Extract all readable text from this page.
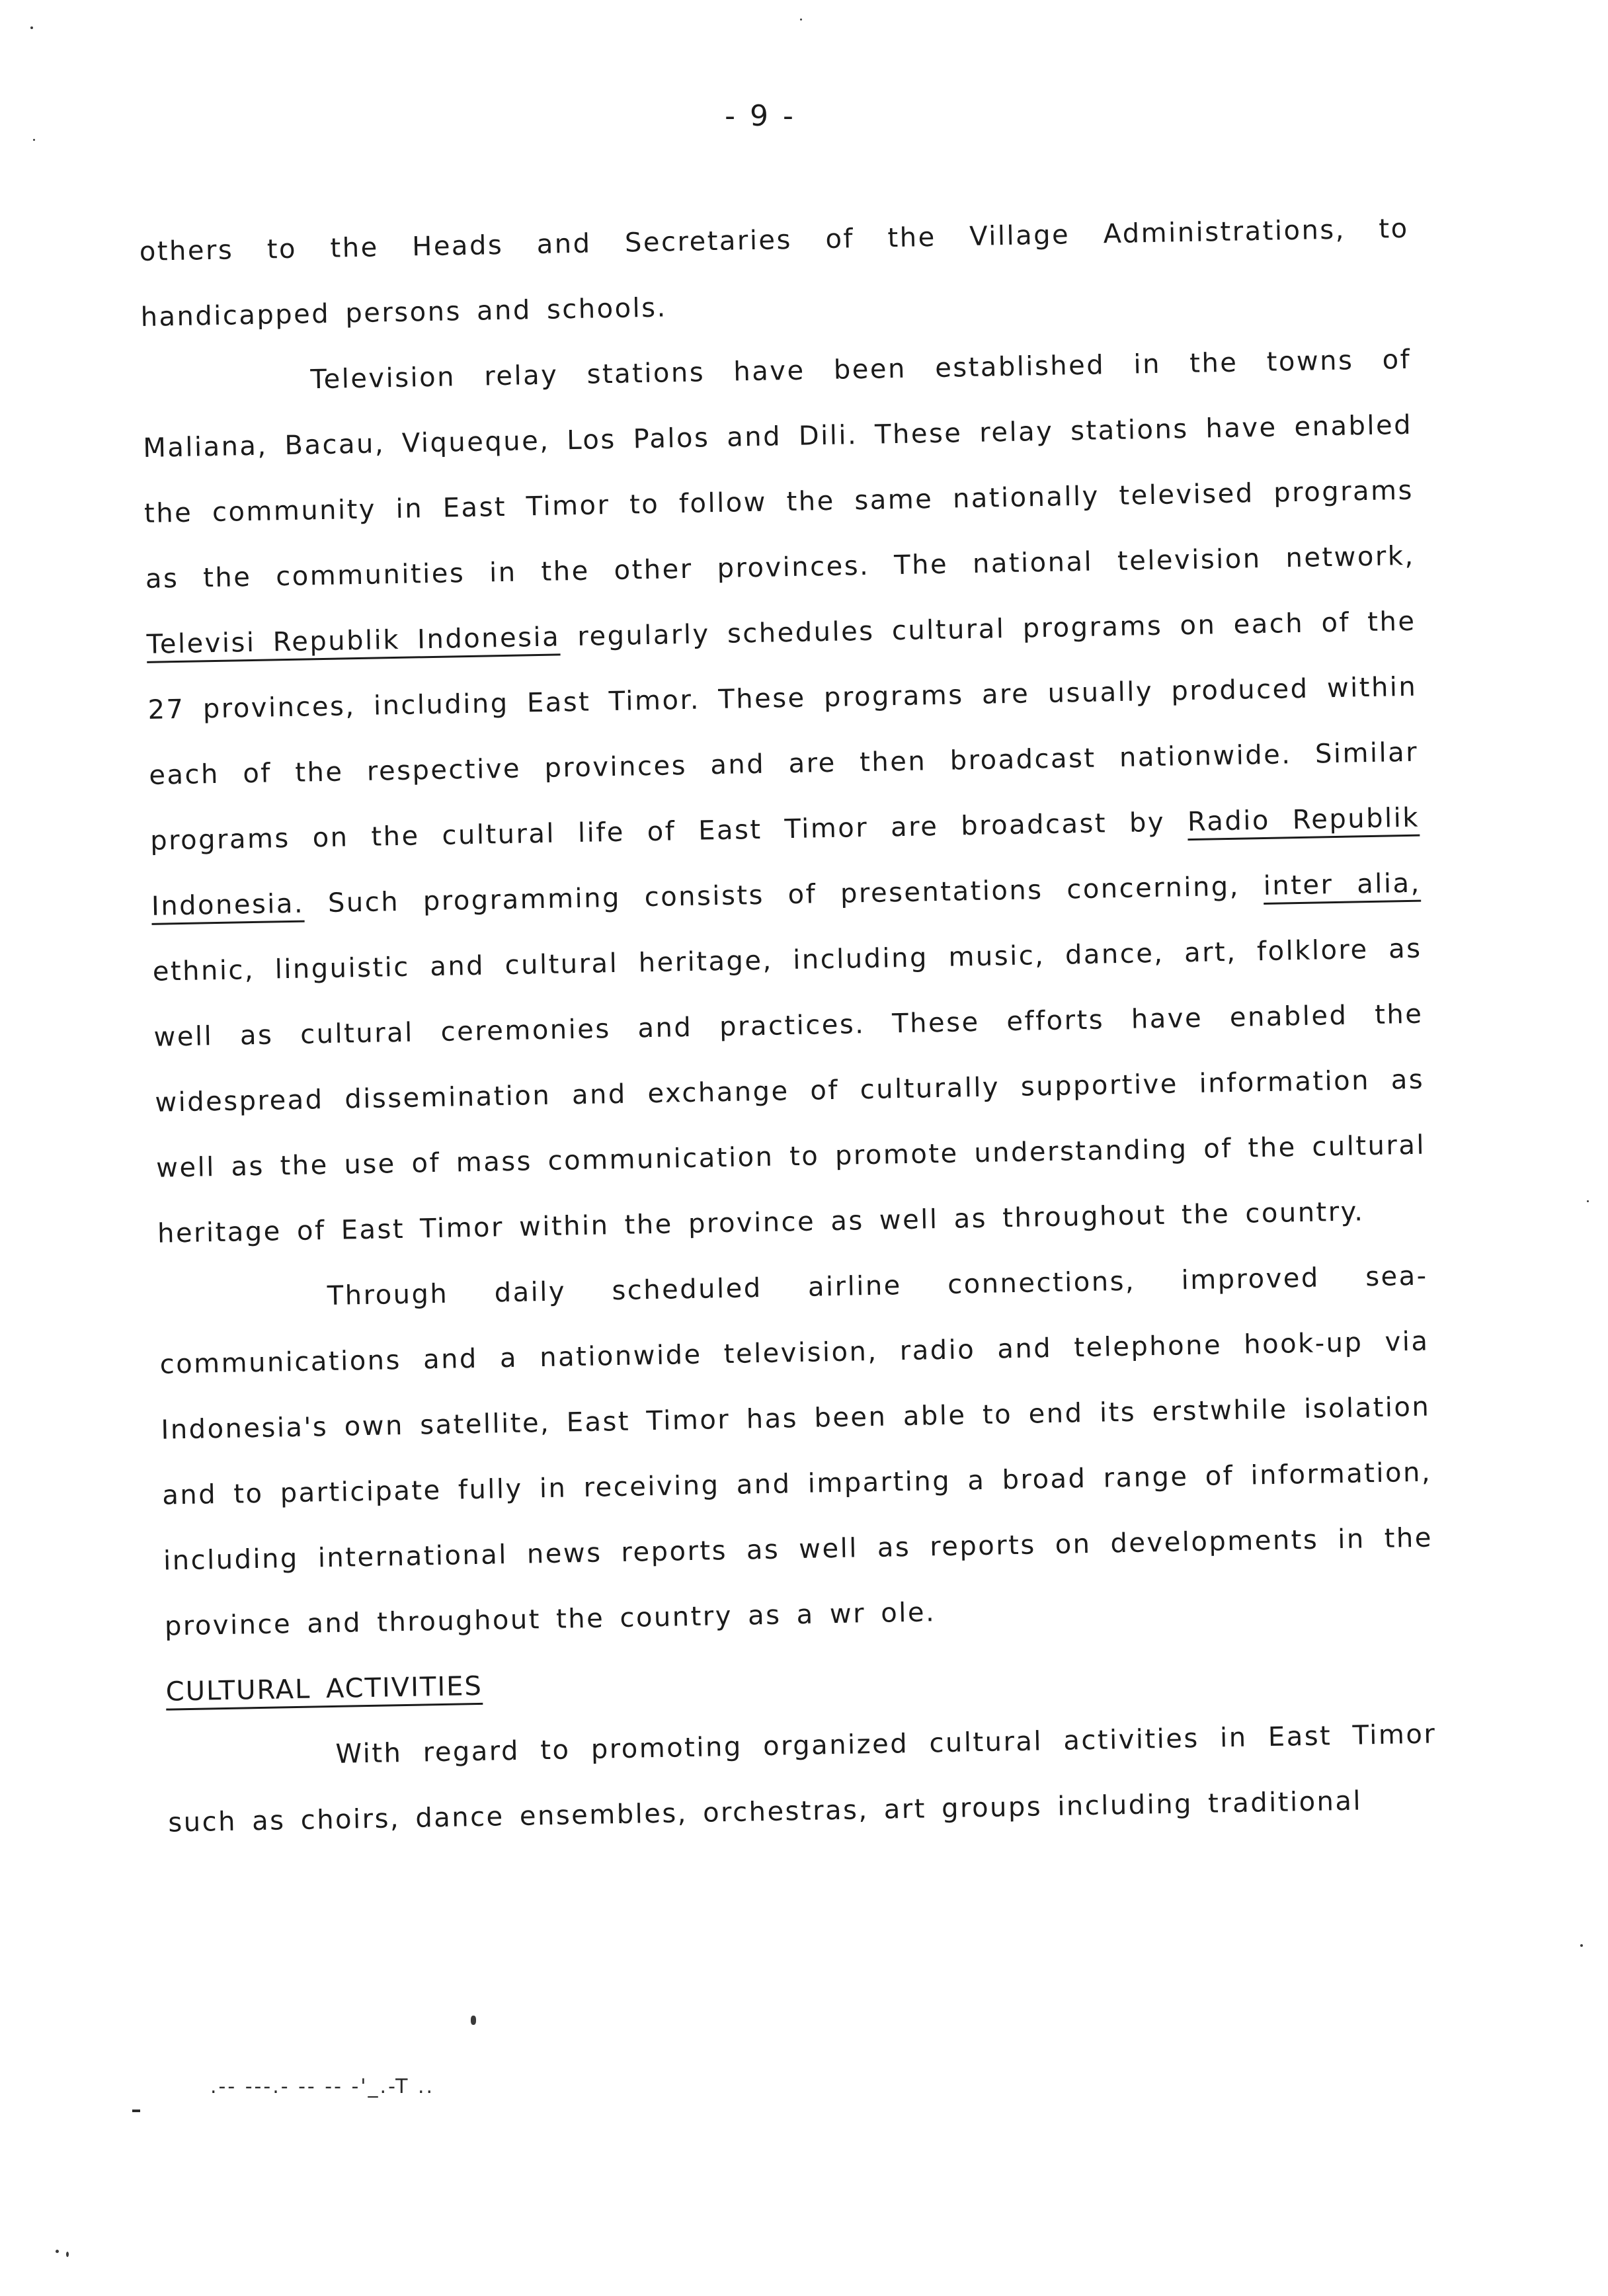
- 9 -

others to the Heads and Secretaries of the Village Administrations, to handicapped persons and schools.

Television relay stations have been established in the towns of Maliana, Bacau, Viqueque, Los Palos and Dili. These relay stations have enabled the community in East Timor to follow the same nationally televised programs as the communities in the other provinces. The national television network, Televisi Republik Indonesia regularly schedules cultural programs on each of the 27 provinces, including East Timor. These programs are usually produced within each of the respective provinces and are then broadcast nationwide. Similar programs on the cultural life of East Timor are broadcast by Radio Republik Indonesia. Such programming consists of presentations concerning, inter alia, ethnic, linguistic and cultural heritage, including music, dance, art, folklore as well as cultural ceremonies and practices. These efforts have enabled the widespread dissemination and exchange of culturally supportive information as well as the use of mass communication to promote understanding of the cultural heritage of East Timor within the province as well as throughout the country.

Through daily scheduled airline connections, improved sea-communications and a nationwide television, radio and telephone hook-up via Indonesia's own satellite, East Timor has been able to end its erstwhile isolation and to participate fully in receiving and imparting a broad range of information, including international news reports as well as reports on developments in the province and throughout the country as a wr ole.

CULTURAL ACTIVITIES

With regard to promoting organized cultural activities in East Timor such as choirs, dance ensembles, orchestras, art groups including traditional

.-- ---.- -- -- -'_.-T ..
